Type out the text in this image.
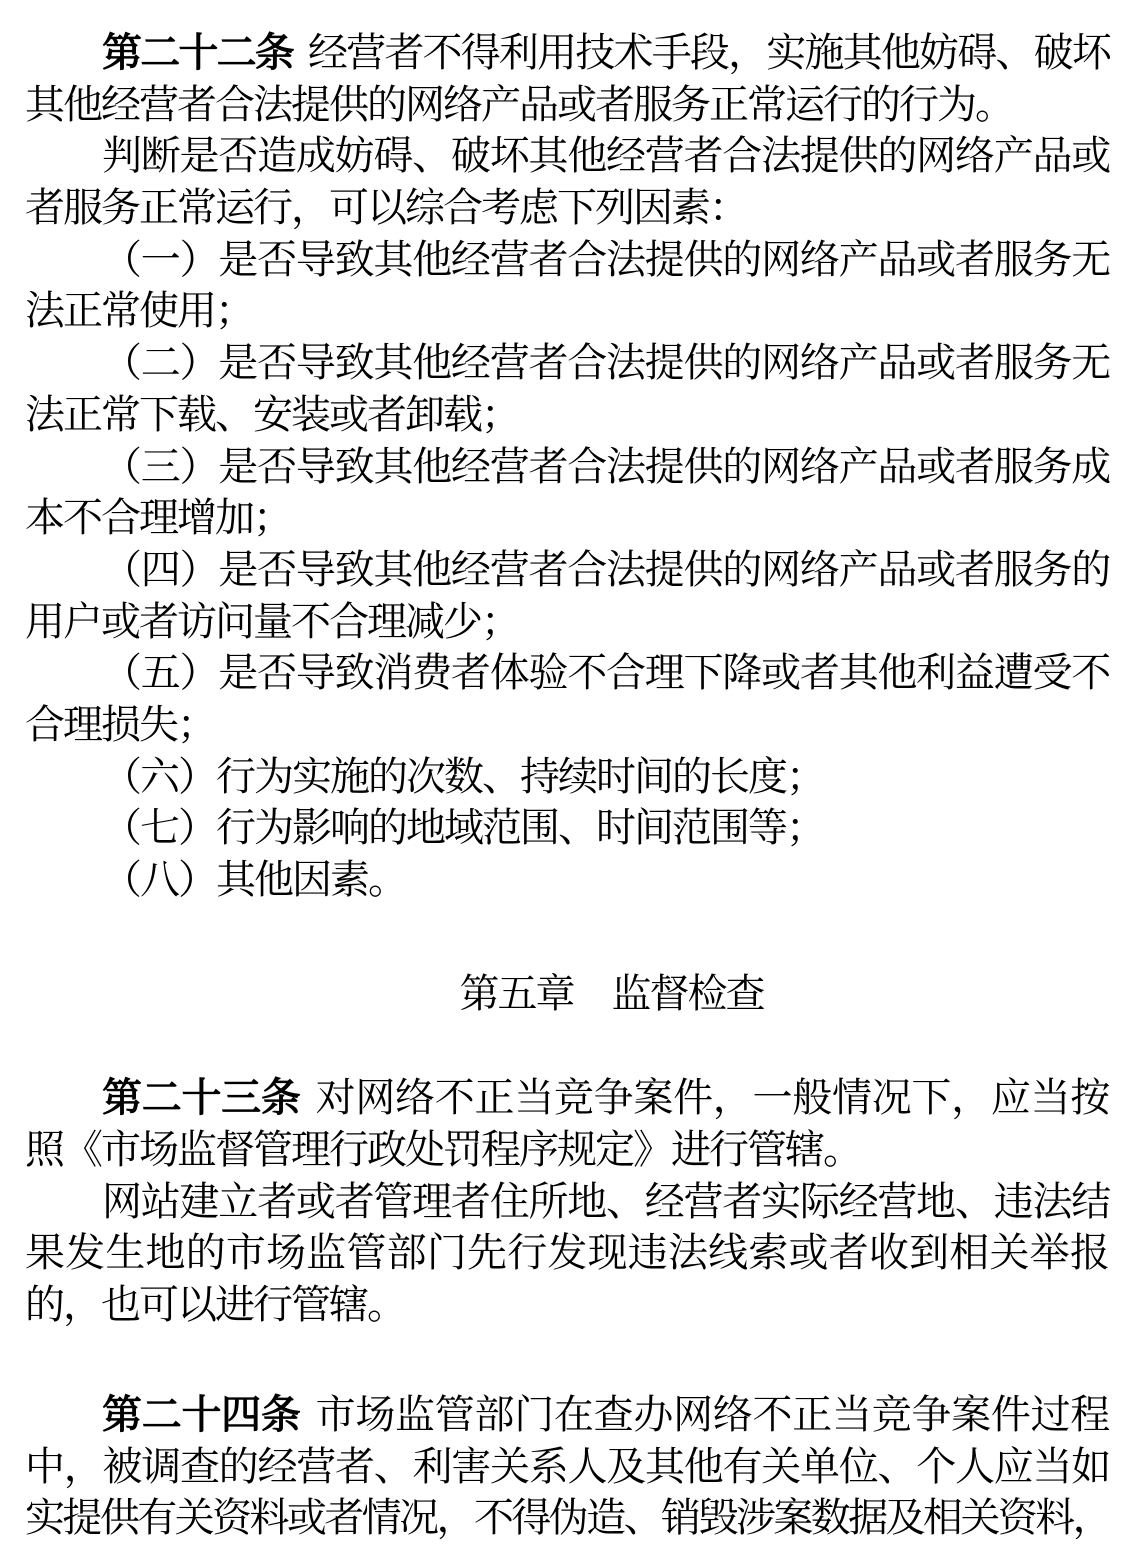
第二十二条 经营者不得利用技术手段，实施其他妨碍、破坏
其他经营者合法提供的网络产品或者服务正常运行的行为。
判断是否造成妨碍、破坏其他经营者合法提供的网络产品或
者服务正常运行，可以综合考虑下列因素：
（一）是否导致其他经营者合法提供的网络产品或者服务无
法正常使用；
（二）是否导致其他经营者合法提供的网络产品或者服务无
法正常下载、安装或者卸载；
（三）是否导致其他经营者合法提供的网络产品或者服务成
本不合理增加；
（四）是否导致其他经营者合法提供的网络产品或者服务的
用户或者访问量不合理减少；
（五）是否导致消费者体验不合理下降或者其他利益遭受不
合理损失；
（六）行为实施的次数、持续时间的长度；
（七）行为影响的地域范围、时间范围等；
（八）其他因素。
第五章　监督检查
第二十三条 对网络不正当竞争案件，一般情况下，应当按
照《市场监督管理行政处罚程序规定》进行管辖。
网站建立者或者管理者住所地、经营者实际经营地、违法结
果发生地的市场监管部门先行发现违法线索或者收到相关举报
的，也可以进行管辖。
第二十四条 市场监管部门在查办网络不正当竞争案件过程
中，被调查的经营者、利害关系人及其他有关单位、个人应当如
实提供有关资料或者情况，不得伪造、销毁涉案数据及相关资料，
